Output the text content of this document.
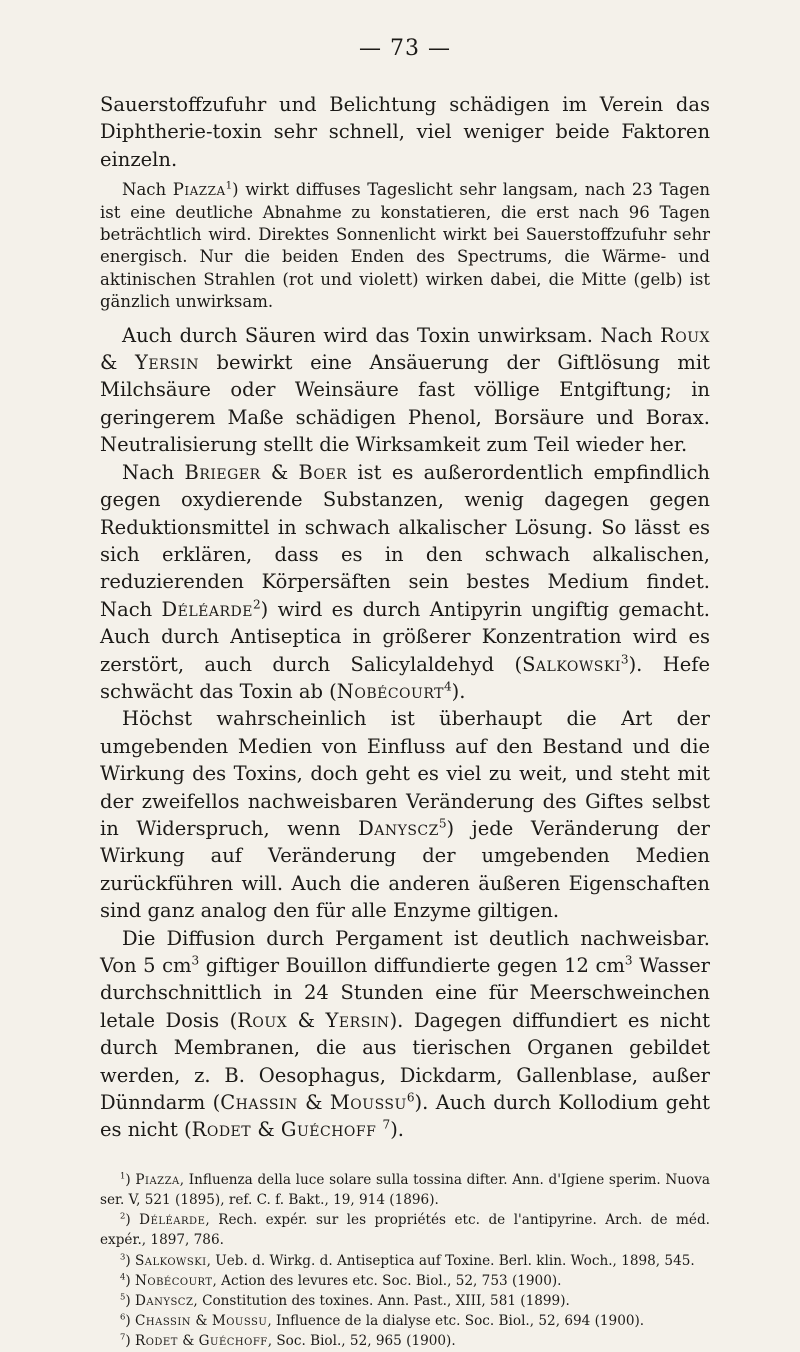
— 73 —

Sauerstoffzufuhr und Belichtung schädigen im Verein das Diphtherie-toxin sehr schnell, viel weniger beide Faktoren einzeln.

Nach Piazza$^1$) wirkt diffuses Tageslicht sehr langsam, nach 23 Tagen ist eine deutliche Abnahme zu konstatieren, die erst nach 96 Tagen beträchtlich wird. Direktes Sonnenlicht wirkt bei Sauerstoffzufuhr sehr energisch. Nur die beiden Enden des Spectrums, die Wärme- und aktinischen Strahlen (rot und violett) wirken dabei, die Mitte (gelb) ist gänzlich unwirksam.

Auch durch Säuren wird das Toxin unwirksam. Nach Roux & Yersin bewirkt eine Ansäuerung der Giftlösung mit Milchsäure oder Weinsäure fast völlige Entgiftung; in geringerem Maße schädigen Phenol, Borsäure und Borax. Neutralisierung stellt die Wirksamkeit zum Teil wieder her.

Nach Brieger & Boer ist es außerordentlich empfindlich gegen oxydierende Substanzen, wenig dagegen gegen Reduktionsmittel in schwach alkalischer Lösung. So lässt es sich erklären, dass es in den schwach alkalischen, reduzierenden Körpersäften sein bestes Medium findet. Nach Déléarde$^2$) wird es durch Antipyrin ungiftig gemacht. Auch durch Antiseptica in größerer Konzentration wird es zerstört, auch durch Salicylaldehyd (Salkowski$^3$). Hefe schwächt das Toxin ab (Nobécourt$^4$).

Höchst wahrscheinlich ist überhaupt die Art der umgebenden Medien von Einfluss auf den Bestand und die Wirkung des Toxins, doch geht es viel zu weit, und steht mit der zweifellos nachweisbaren Veränderung des Giftes selbst in Widerspruch, wenn Danyscz$^5$) jede Veränderung der Wirkung auf Veränderung der umgebenden Medien zurückführen will. Auch die anderen äußeren Eigenschaften sind ganz analog den für alle Enzyme giltigen.

Die Diffusion durch Pergament ist deutlich nachweisbar. Von 5 $cm^3$ giftiger Bouillon diffundierte gegen 12 $cm^3$ Wasser durchschnittlich in 24 Stunden eine für Meerschweinchen letale Dosis (Roux & Yersin). Dagegen diffundiert es nicht durch Membranen, die aus tierischen Organen gebildet werden, z. B. Oesophagus, Dickdarm, Gallenblase, außer Dünndarm (Chassin & Moussu$^6$). Auch durch Kollodium geht es nicht (Rodet & Guéchoff $^7$).

$^1$) Piazza, Influenza della luce solare sulla tossina difter. Ann. d'Igiene sperim. Nuova ser. V, 521 (1895), ref. C. f. Bakt., 19, 914 (1896).

$^2$) Déléarde, Rech. expér. sur les propriétés etc. de l'antipyrine. Arch. de méd. expér., 1897, 786.

$^3$) Salkowski, Ueb. d. Wirkg. d. Antiseptica auf Toxine. Berl. klin. Woch., 1898, 545.

$^4$) Nobécourt, Action des levures etc. Soc. Biol., 52, 753 (1900).

$^5$) Danyscz, Constitution des toxines. Ann. Past., XIII, 581 (1899).

$^6$) Chassin & Moussu, Influence de la dialyse etc. Soc. Biol., 52, 694 (1900).

$^7$) Rodet & Guéchoff, Soc. Biol., 52, 965 (1900).
